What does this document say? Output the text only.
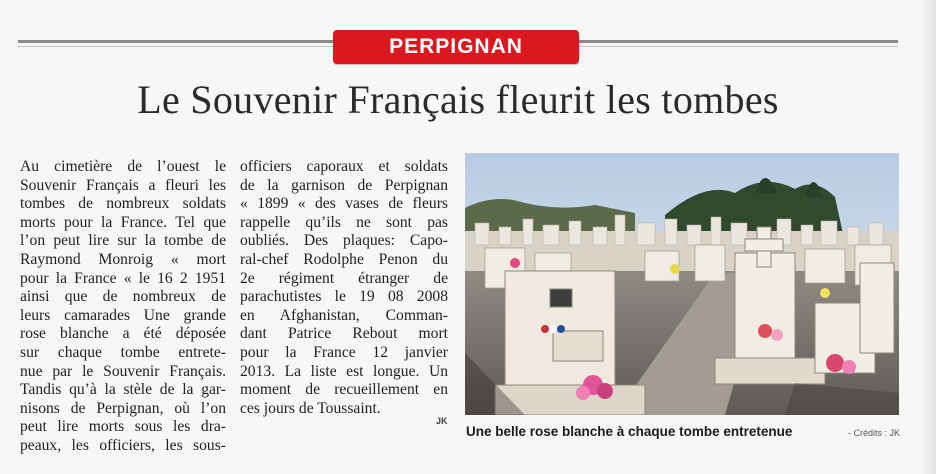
PERPIGNAN
Le Souvenir Français fleurit les tombes
Au cimetière de l’ouest le
Souvenir Français a fleuri les
tombes de nombreux soldats
morts pour la France. Tel que
l’on peut lire sur la tombe de
Raymond Monroig « mort
pour la France « le 16 2 1951
ainsi que de nombreux de
leurs camarades Une grande
rose blanche a été déposée
sur chaque tombe entrete-
nue par le Souvenir Français.
Tandis qu’à la stèle de la gar-
nisons de Perpignan, où l’on
peut lire morts sous les dra-
peaux, les officiers, les sous-
officiers caporaux et soldats
de la garnison de Perpignan
« 1899 « des vases de fleurs
rappelle qu’ils ne sont pas
oubliés. Des plaques: Capo-
ral-chef Rodolphe Penon du
2e régiment étranger de
parachutistes le 19 08 2008
en Afghanistan, Comman-
dant Patrice Rebout mort
pour la France 12 janvier
2013. La liste est longue. Un
moment de recueillement en
ces jours de Toussaint.
JK
Une belle rose blanche à chaque tombe entretenue	- Crédits : JK
